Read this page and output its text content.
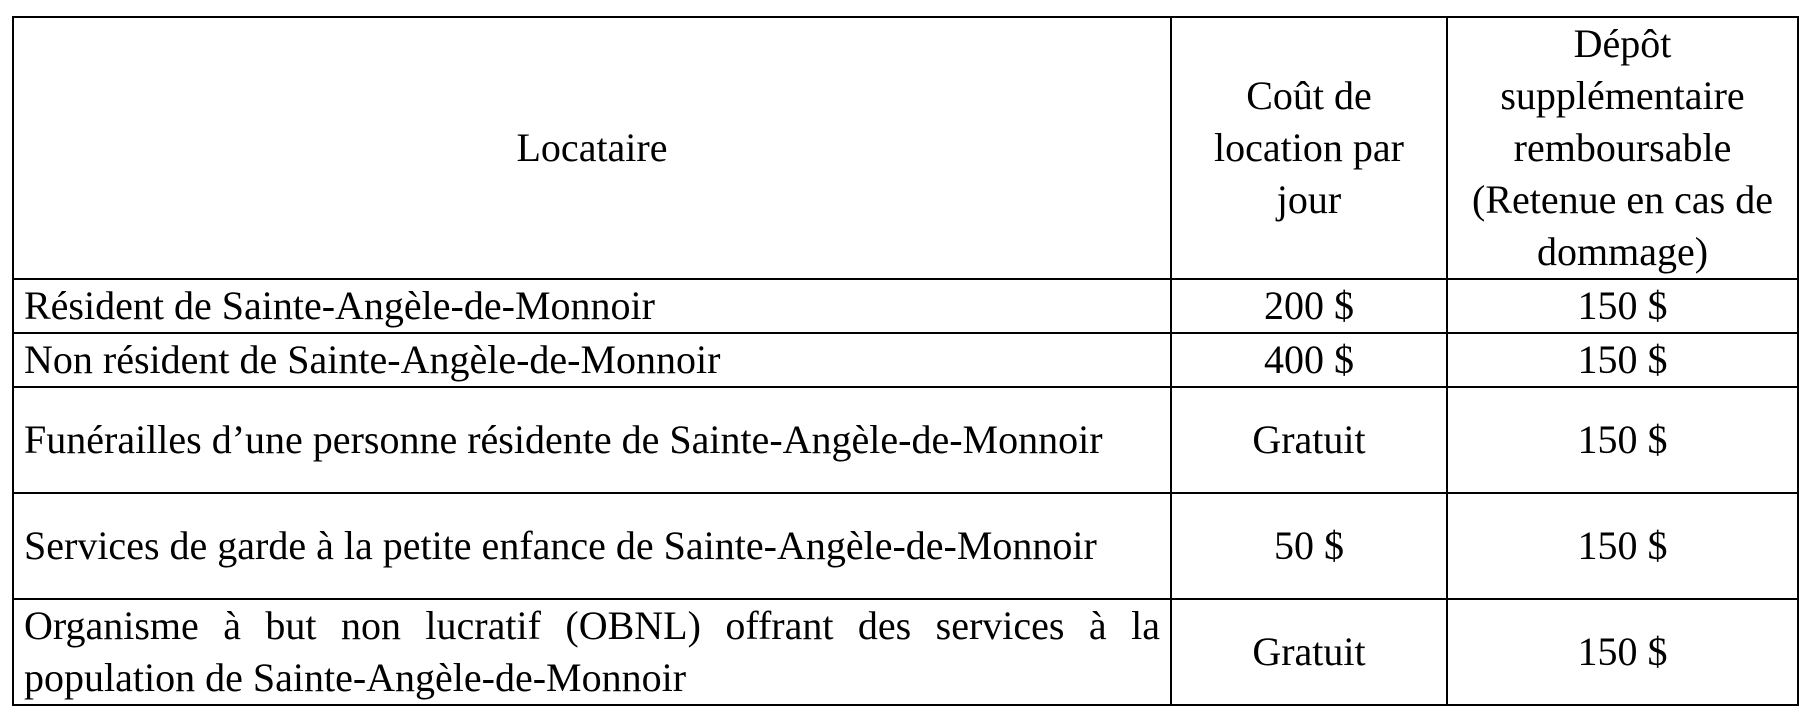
Locataire	Coût de location par jour	Dépôt supplémentaire remboursable (Retenue en cas de dommage)

Résident de Sainte-Angèle-de-Monnoir	200 $	150 $
Non résident de Sainte-Angèle-de-Monnoir	400 $	150 $
Funérailles d’une personne résidente de Sainte-Angèle-de-Monnoir	Gratuit	150 $
Services de garde à la petite enfance de Sainte-Angèle-de-Monnoir	50 $	150 $
Organisme à but non lucratif (OBNL) offrant des services à la population de Sainte-Angèle-de-Monnoir	Gratuit	150 $
